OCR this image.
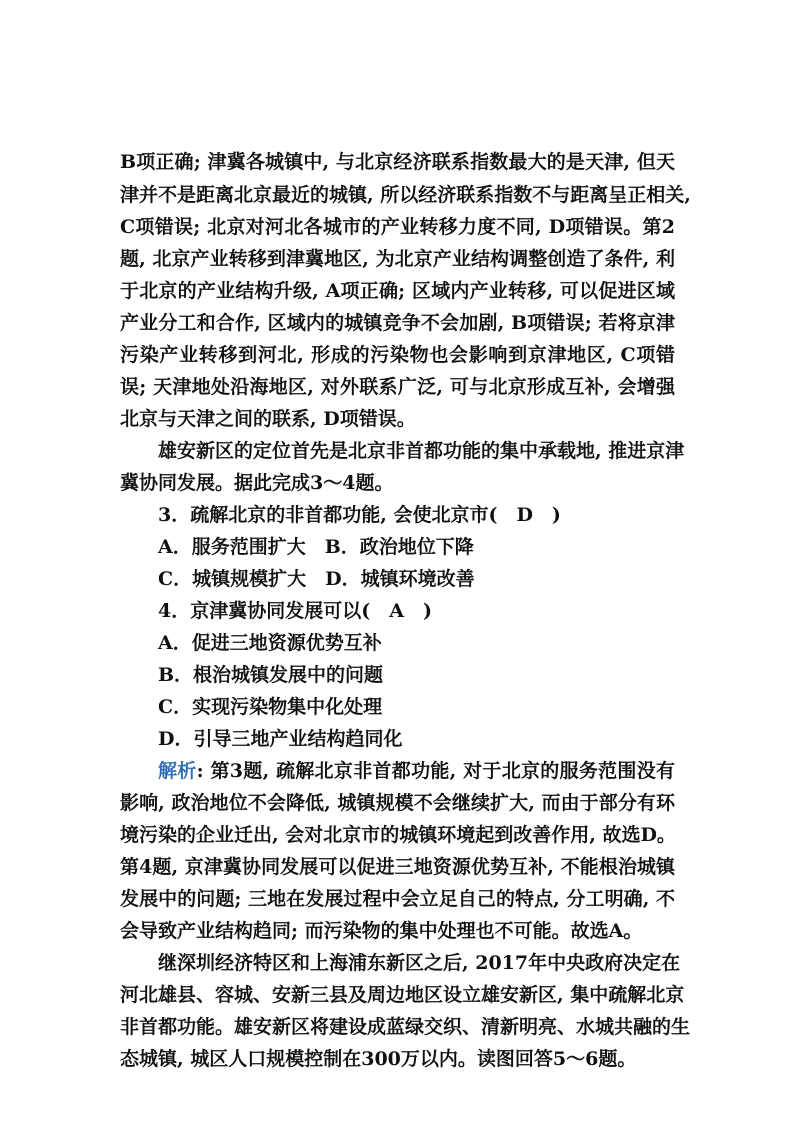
B项正确; 津冀各城镇中, 与北京经济联系指数最大的是天津, 但天
津并不是距离北京最近的城镇, 所以经济联系指数不与距离呈正相关,
C项错误; 北京对河北各城市的产业转移力度不同, D项错误。第2
题, 北京产业转移到津冀地区, 为北京产业结构调整创造了条件, 利
于北京的产业结构升级, A项正确; 区域内产业转移, 可以促进区域
产业分工和合作, 区域内的城镇竞争不会加剧, B项错误; 若将京津
污染产业转移到河北, 形成的污染物也会影响到京津地区, C项错
误; 天津地处沿海地区, 对外联系广泛, 可与北京形成互补, 会增强
北京与天津之间的联系, D项错误。
雄安新区的定位首先是北京非首都功能的集中承载地, 推进京津
冀协同发展。据此完成3～4题。
3．疏解北京的非首都功能, 会使北京市(　D　)
A．服务范围扩大　B．政治地位下降
C．城镇规模扩大　D．城镇环境改善
4．京津冀协同发展可以(　A　)
A．促进三地资源优势互补
B．根治城镇发展中的问题
C．实现污染物集中化处理
D．引导三地产业结构趋同化
解析: 第3题, 疏解北京非首都功能, 对于北京的服务范围没有
影响, 政治地位不会降低, 城镇规模不会继续扩大, 而由于部分有环
境污染的企业迁出, 会对北京市的城镇环境起到改善作用, 故选D。
第4题, 京津冀协同发展可以促进三地资源优势互补, 不能根治城镇
发展中的问题; 三地在发展过程中会立足自己的特点, 分工明确, 不
会导致产业结构趋同; 而污染物的集中处理也不可能。故选A。
继深圳经济特区和上海浦东新区之后, 2017年中央政府决定在
河北雄县、容城、安新三县及周边地区设立雄安新区, 集中疏解北京
非首都功能。雄安新区将建设成蓝绿交织、清新明亮、水城共融的生
态城镇, 城区人口规模控制在300万以内。读图回答5～6题。
